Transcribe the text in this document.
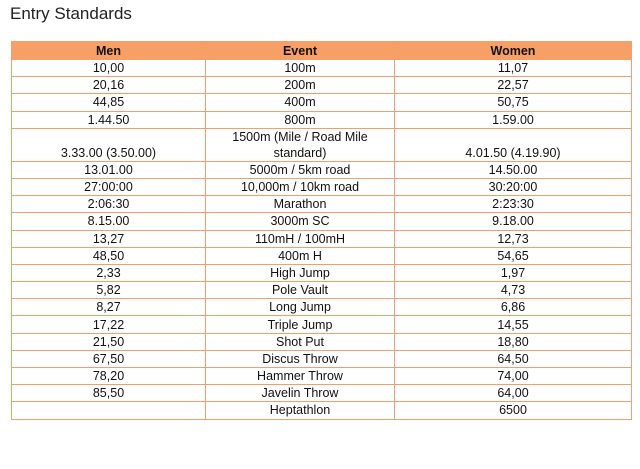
Entry Standards
Men	Event	Women
10,00	100m	11,07
20,16	200m	22,57
44,85	400m	50,75
1.44.50	800m	1.59.00
3.33.00 (3.50.00)	1500m (Mile / Road Mile standard)	4.01.50 (4.19.90)
13.01.00	5000m / 5km road	14.50.00
27:00:00	10,000m / 10km road	30:20:00
2:06:30	Marathon	2:23:30
8.15.00	3000m SC	9.18.00
13,27	110mH / 100mH	12,73
48,50	400m H	54,65
2,33	High Jump	1,97
5,82	Pole Vault	4,73
8,27	Long Jump	6,86
17,22	Triple Jump	14,55
21,50	Shot Put	18,80
67,50	Discus Throw	64,50
78,20	Hammer Throw	74,00
85,50	Javelin Throw	64,00
	Heptathlon	6500
